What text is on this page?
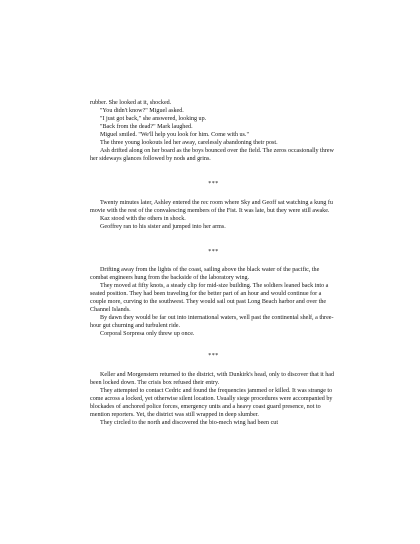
rubber. She looked at it, shocked.

"You didn't know?" Miguel asked.

"I just got back," she answered, looking up.

"Back from the dead?" Mark laughed.

Miguel smiled. "We'll help you look for him. Come with us."

The three young lookouts led her away, carelessly abandoning their post.

Ash drifted along on her board as the boys bounced over the field. The zeros occasionally threw her sideways glances followed by nods and grins.

***

Twenty minutes later, Ashley entered the rec room where Sky and Geoff sat watching a kung fu movie with the rest of the convalescing members of the Fist. It was late, but they were still awake.

Kaz stood with the others in shock.

Geoffrey ran to his sister and jumped into her arms.

***

Drifting away from the lights of the coast, sailing above the black water of the pacific, the combat engineers hung from the backside of the laboratory wing.

They moved at fifty knots, a steady clip for mid-size building. The soldiers leaned back into a seated position. They had been traveling for the better part of an hour and would continue for a couple more, curving to the southwest. They would sail out past Long Beach harbor and over the Channel Islands.

By dawn they would be far out into international waters, well past the continental shelf, a three-hour gut churning and turbulent ride.

Corporal Sorpresa only threw up once.

***

Keller and Morgenstern returned to the district, with Dunkirk's head, only to discover that it had been locked down. The crisis box refused their entry.

They attempted to contact Cedric and found the frequencies jammed or killed. It was strange to come across a locked, yet otherwise silent location. Usually siege procedures were accompanied by blockades of anchored police forces, emergency units and a heavy coast guard presence, not to mention reporters. Yet, the district was still wrapped in deep slumber.

They circled to the north and discovered the bio-mech wing had been cut
